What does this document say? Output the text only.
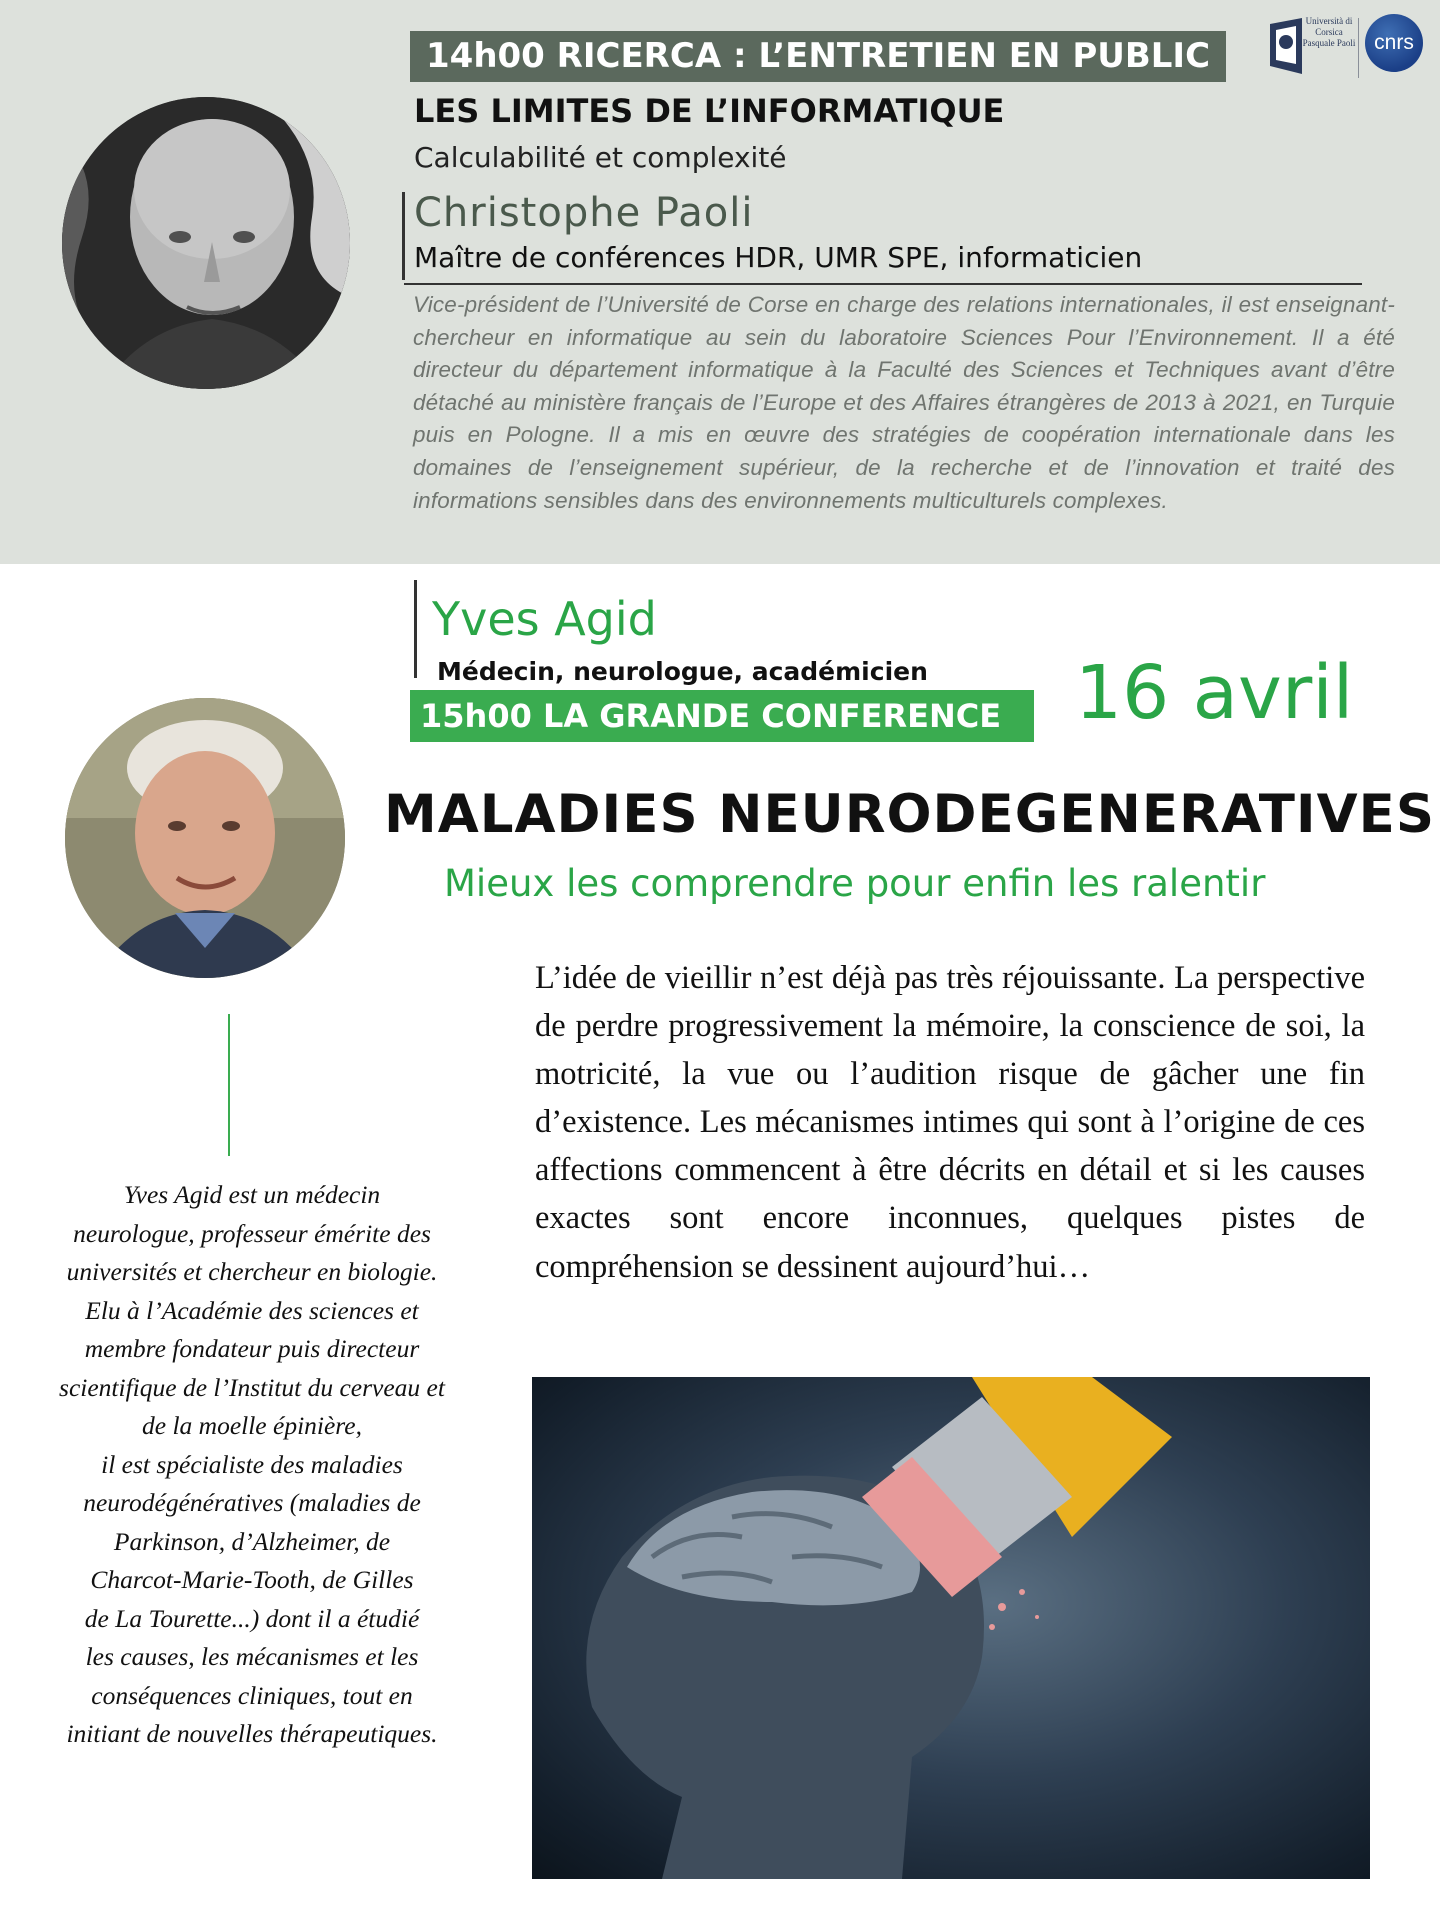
14h00 RICERCA : L’ENTRETIEN EN PUBLIC
LES LIMITES DE L’INFORMATIQUE
Calculabilité et complexité
Christophe Paoli
Maître de conférences HDR, UMR SPE, informaticien
Vice-président de l’Université de Corse en charge des relations internationales, il est enseignant-chercheur en informatique au sein du laboratoire Sciences Pour l’Environnement. Il a été directeur du département informatique à la Faculté des Sciences et Techniques avant d’être détaché au ministère français de l’Europe et des Affaires étrangères de 2013 à 2021, en Turquie puis en Pologne. Il a mis en œuvre des stratégies de coopération internationale dans les domaines de l’enseignement supérieur, de la recherche et de l’innovation et traité des informations sensibles dans des environnements multiculturels complexes.
Università di Corsica Pasquale Paoli cnrs
Yves Agid
Médecin, neurologue, académicien
15h00 LA GRANDE CONFERENCE 16 avril
MALADIES NEURODEGENERATIVES
Mieux les comprendre pour enfin les ralentir
Yves Agid est un médecin
neurologue, professeur émérite des
universités et chercheur en biologie.
Elu à l’Académie des sciences et
membre fondateur puis directeur
scientifique de l’Institut du cerveau et
de la moelle épinière,
il est spécialiste des maladies
neurodégénératives (maladies de
Parkinson, d’Alzheimer, de
Charcot-Marie-Tooth, de Gilles
de La Tourette...) dont il a étudié
les causes, les mécanismes et les
conséquences cliniques, tout en
initiant de nouvelles thérapeutiques.
L’idée de vieillir n’est déjà pas très réjouissante. La perspective de perdre progressivement la mémoire, la conscience de soi, la motricité, la vue ou l’audition risque de gâcher une fin d’existence. Les mécanismes intimes qui sont à l’origine de ces affections commencent à être décrits en détail et si les causes exactes sont encore inconnues, quelques pistes de compréhension se dessinent aujourd’hui…
